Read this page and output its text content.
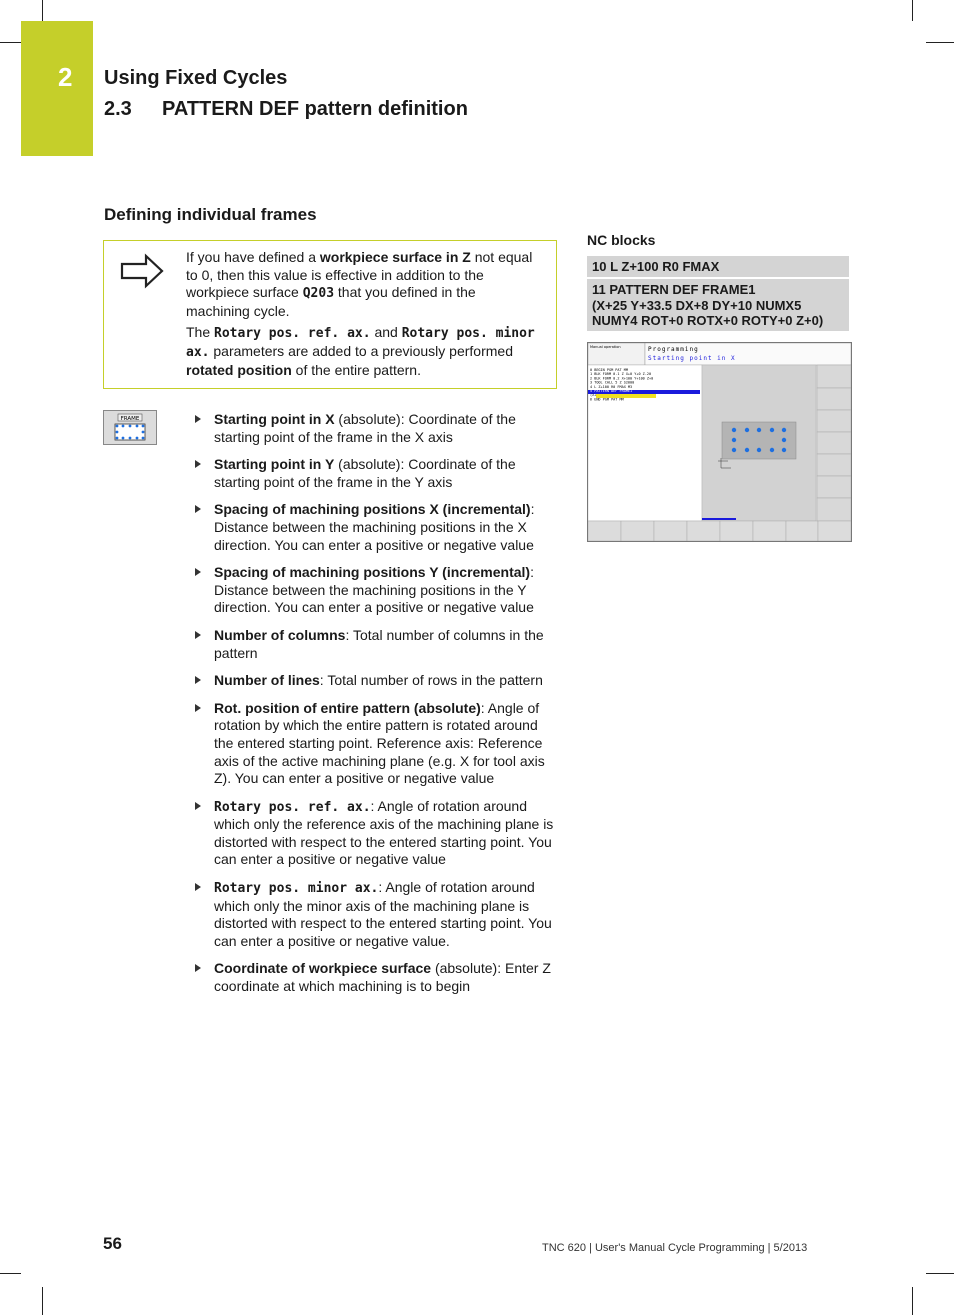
2 Using Fixed Cycles
2.3 PATTERN DEF pattern definition
Defining individual frames

If you have defined a workpiece surface in Z not equal to 0, then this value is effective in addition to the workpiece surface Q203 that you defined in the machining cycle.

The Rotary pos. ref. ax. and Rotary pos. minor ax. parameters are added to a previously performed rotated position of the entire pattern.

FRAME	Starting point in X (absolute): Coordinate of the starting point of the frame in the X axis
Starting point in Y (absolute): Coordinate of the starting point of the frame in the Y axis
Spacing of machining positions X (incremental): Distance between the machining positions in the X direction. You can enter a positive or negative value
Spacing of machining positions Y (incremental): Distance between the machining positions in the Y direction. You can enter a positive or negative value
Number of columns: Total number of columns in the pattern
Number of lines: Total number of rows in the pattern
Rot. position of entire pattern (absolute): Angle of rotation by which the entire pattern is rotated around the entered starting point. Reference axis: Reference axis of the active machining plane (e.g. X for tool axis Z). You can enter a positive or negative value
Rotary pos. ref. ax.: Angle of rotation around which only the reference axis of the machining plane is distorted with respect to the entered starting point. You can enter a positive or negative value
Rotary pos. minor ax.: Angle of rotation around which only the minor axis of the machining plane is distorted with respect to the entered starting point. You can enter a positive or negative value.
Coordinate of workpiece surface (absolute): Enter Z coordinate at which machining is to begin
NC blocks
10 L Z+100 R0 FMAX
11 PATTERN DEF FRAME1
(X+25 Y+33.5 DX+8 DY+10 NUMX5
NUMY4 ROT+0 ROTX+0 ROTY+0 Z+0)
Manual operation	Programming
Starting point in X
0 BEGIN PGM PAT MM
1 BLK FORM 0.1 Z X+0 Y+0 Z-20
2 BLK FORM 0.2 X+100 Y+100 Z+0
3 TOOL CALL 5 Z S2000
4 L Z+100 R0 FMAX M3
5 PATTERN DEF FRAME1
(X+
6 END PGM PAT MM
56	TNC 620 | User's Manual Cycle Programming | 5/2013
